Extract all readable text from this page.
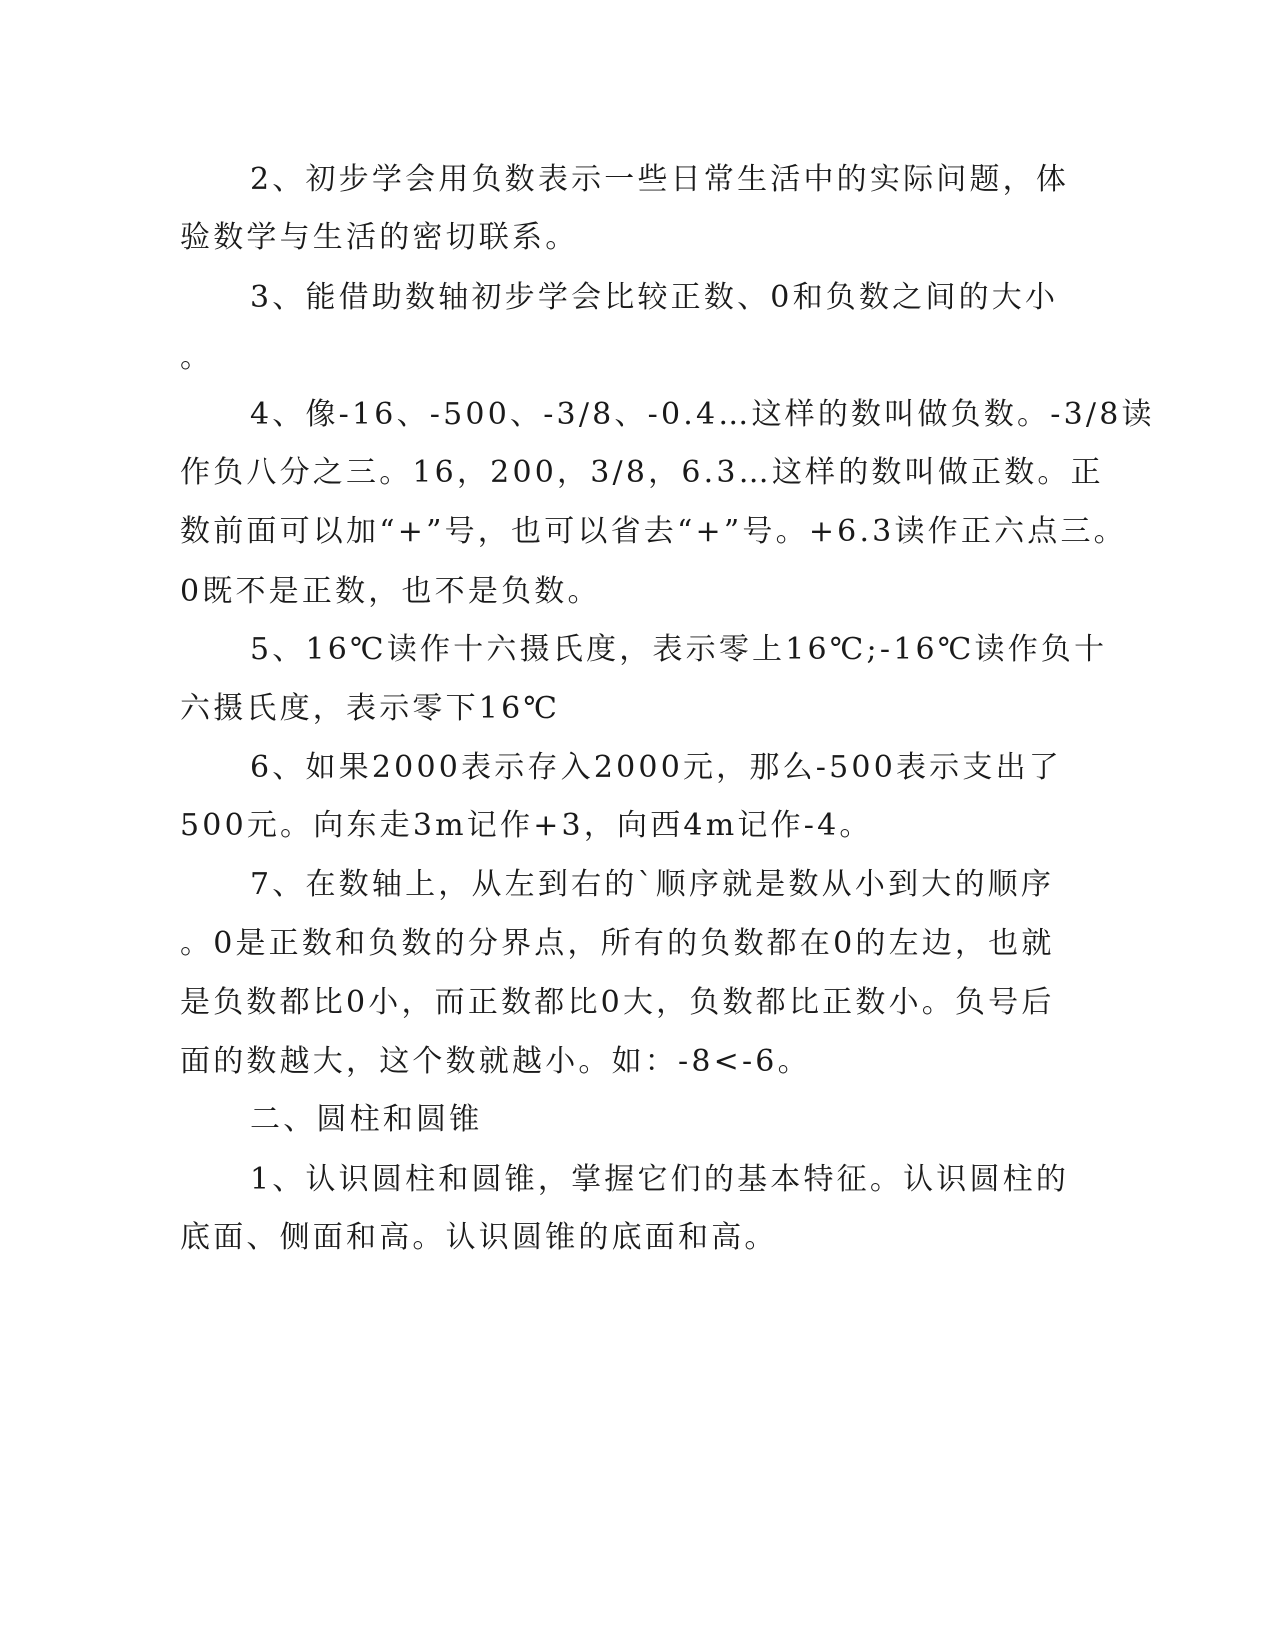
2、初步学会用负数表示一些日常生活中的实际问题，体
验数学与生活的密切联系。
3、能借助数轴初步学会比较正数、0和负数之间的大小
。
4、像-16、-500、-3/8、-0.4…这样的数叫做负数。-3/8读
作负八分之三。16，200，3/8，6.3…这样的数叫做正数。正
数前面可以加“+”号，也可以省去“+”号。+6.3读作正六点三。
0既不是正数，也不是负数。
5、16℃读作十六摄氏度，表示零上16℃;-16℃读作负十
六摄氏度，表示零下16℃
6、如果2000表示存入2000元，那么-500表示支出了
500元。向东走3m记作+3，向西4m记作-4。
7、在数轴上，从左到右的`顺序就是数从小到大的顺序
。0是正数和负数的分界点，所有的负数都在0的左边，也就
是负数都比0小，而正数都比0大，负数都比正数小。负号后
面的数越大，这个数就越小。如：-8<-6。
二、圆柱和圆锥
1、认识圆柱和圆锥，掌握它们的基本特征。认识圆柱的
底面、侧面和高。认识圆锥的底面和高。
